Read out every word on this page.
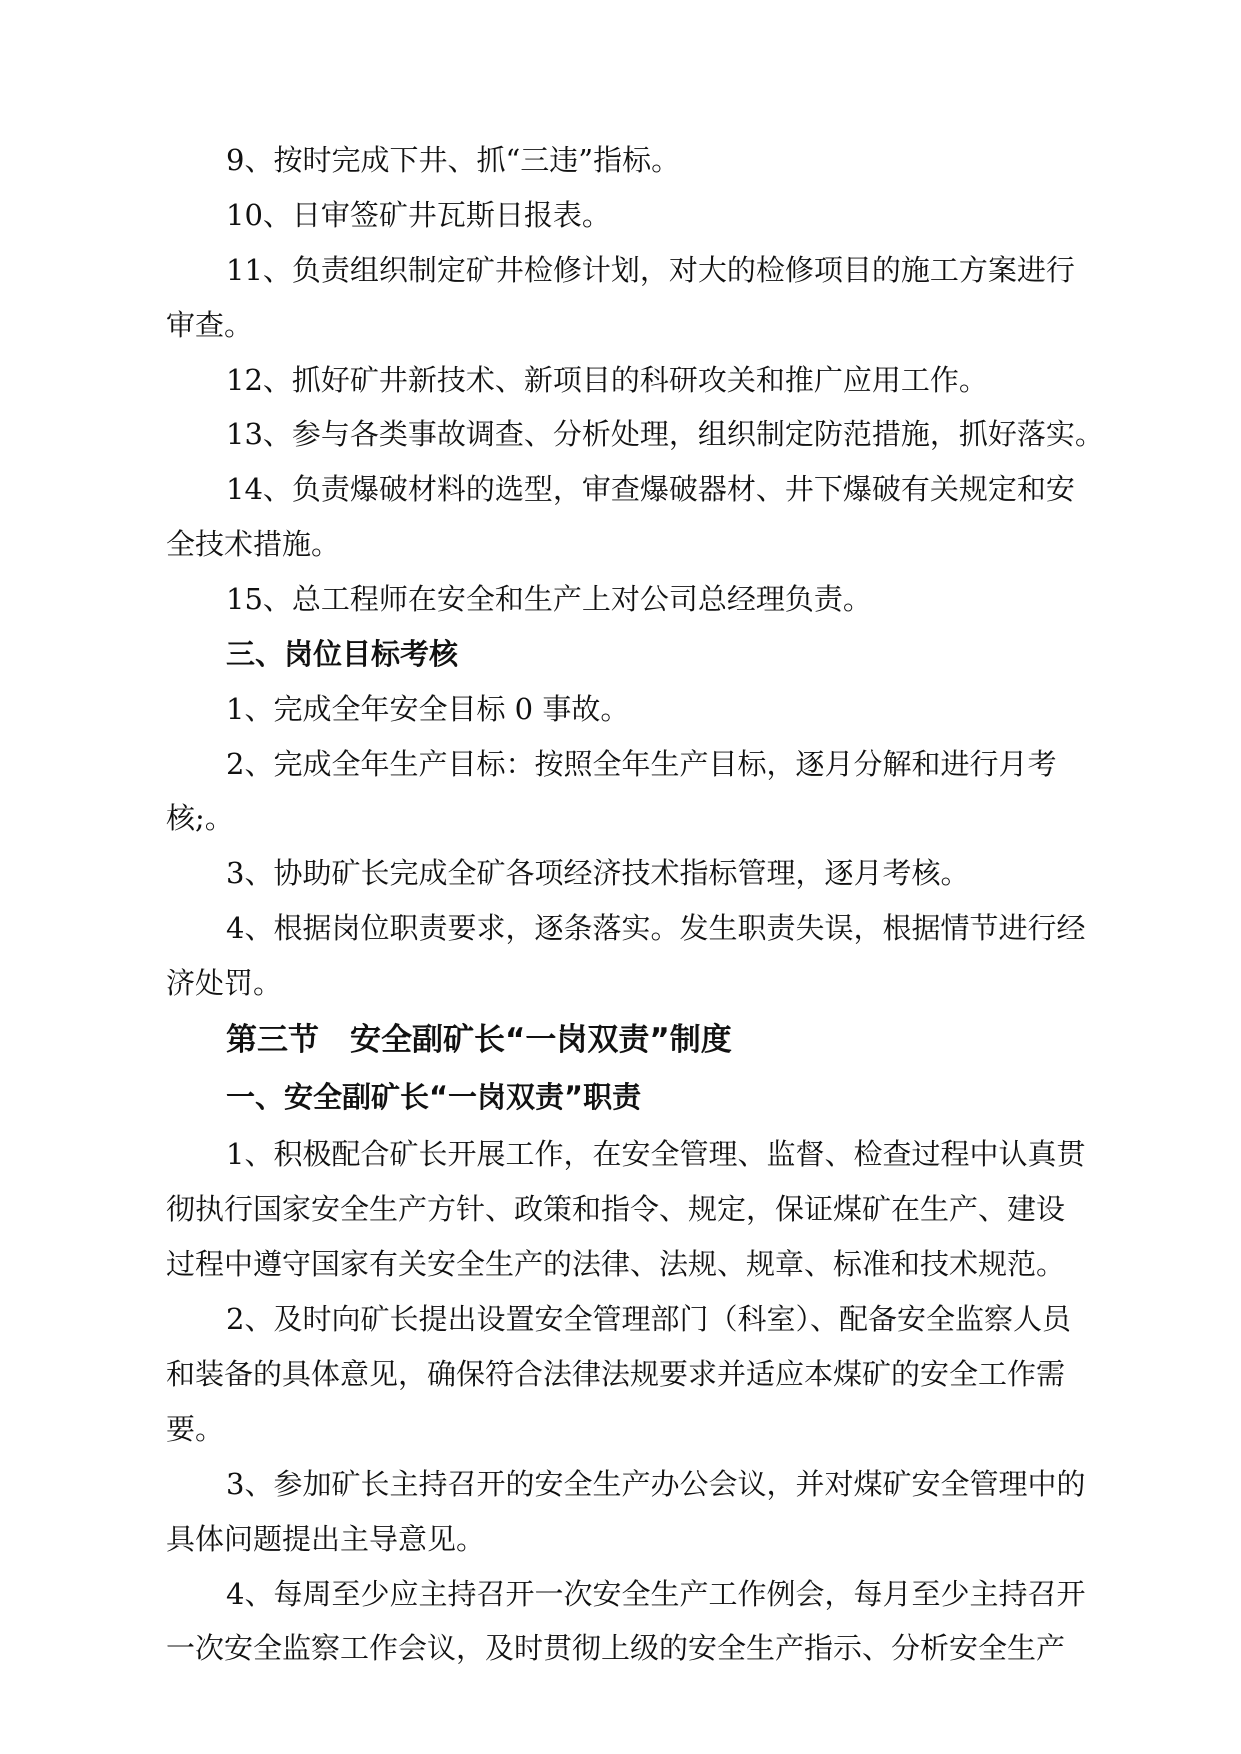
9、按时完成下井、抓“三违”指标。
10、日审签矿井瓦斯日报表。
11、负责组织制定矿井检修计划，对大的检修项目的施工方案进行
审查。
12、抓好矿井新技术、新项目的科研攻关和推广应用工作。
13、参与各类事故调查、分析处理，组织制定防范措施，抓好落实。
14、负责爆破材料的选型，审查爆破器材、井下爆破有关规定和安
全技术措施。
15、总工程师在安全和生产上对公司总经理负责。
三、岗位目标考核
1、完成全年安全目标 0 事故。
2、完成全年生产目标：按照全年生产目标，逐月分解和进行月考
核;。
3、协助矿长完成全矿各项经济技术指标管理，逐月考核。
4、根据岗位职责要求，逐条落实。发生职责失误，根据情节进行经
济处罚。
第三节　安全副矿长“一岗双责”制度
一、安全副矿长“一岗双责”职责
1、积极配合矿长开展工作，在安全管理、监督、检查过程中认真贯
彻执行国家安全生产方针、政策和指令、规定，保证煤矿在生产、建设
过程中遵守国家有关安全生产的法律、法规、规章、标准和技术规范。
2、及时向矿长提出设置安全管理部门（科室）、配备安全监察人员
和装备的具体意见，确保符合法律法规要求并适应本煤矿的安全工作需
要。
3、参加矿长主持召开的安全生产办公会议，并对煤矿安全管理中的
具体问题提出主导意见。
4、每周至少应主持召开一次安全生产工作例会，每月至少主持召开
一次安全监察工作会议，及时贯彻上级的安全生产指示、分析安全生产
